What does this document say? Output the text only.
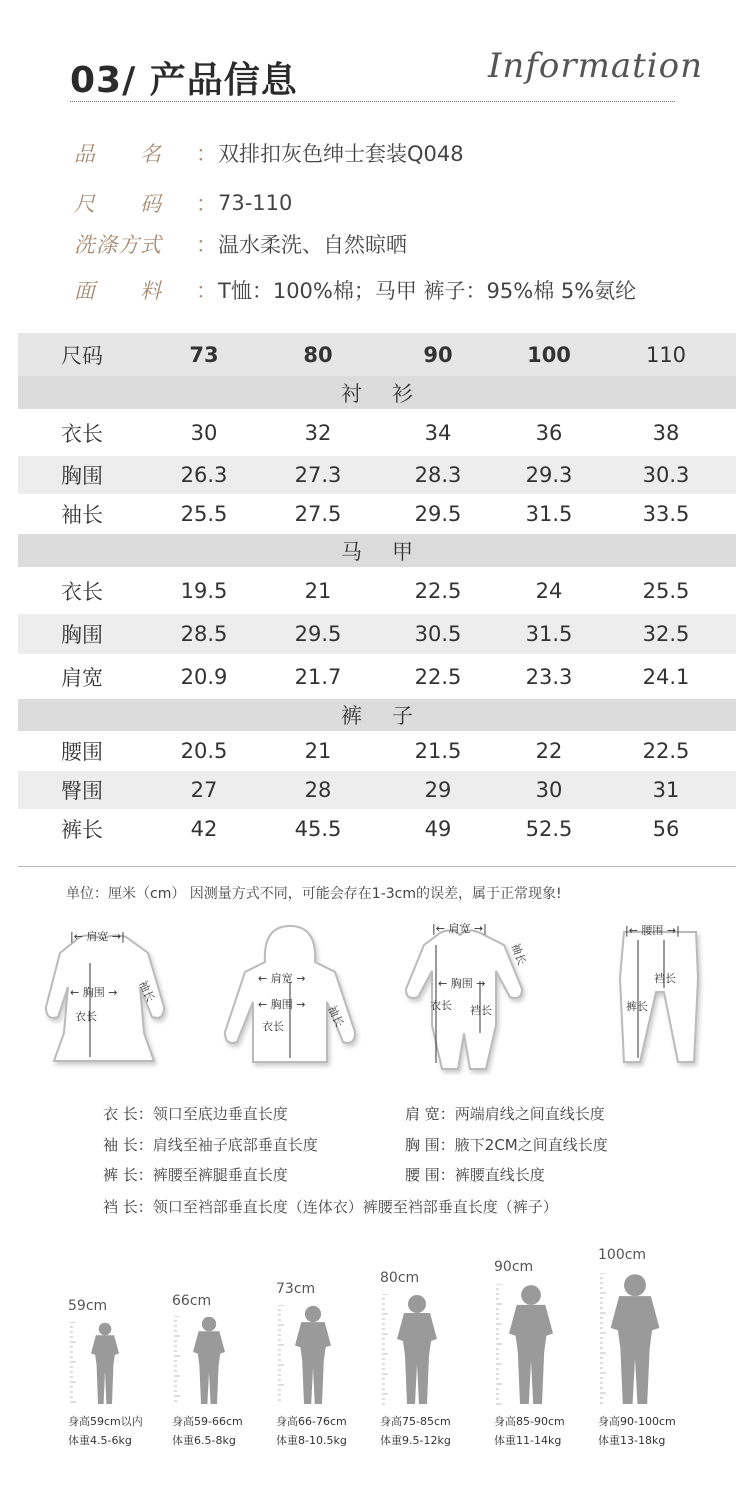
03/ 产品信息	Information
品　　名	： 双排扣灰色绅士套装Q048
尺　　码	： 73-110
洗涤方式	： 温水柔洗、自然晾晒
面　　料	： T恤：100%棉；马甲 裤子：95%棉 5%氨纶
尺码	73	80	90	100	110
衬衫
衣长	30	32	34	36	38
胸围	26.3	27.3	28.3	29.3	30.3
袖长	25.5	27.5	29.5	31.5	33.5
马甲
衣长	19.5	21	22.5	24	25.5
胸围	28.5	29.5	30.5	31.5	32.5
肩宽	20.9	21.7	22.5	23.3	24.1
裤子
腰围	20.5	21	21.5	22	22.5
臀围	27	28	29	30	31
裤长	42	45.5	49	52.5	56
单位：厘米（cm） 因测量方式不同，可能会存在1-3cm的误差，属于正常现象!
|← 肩宽 →|
← 胸围 →
衣长
袖长	← 肩宽 →
← 胸围 →
衣长	袖长
|← 肩宽 →|
← 胸围 →
衣长 裆长
袖长
|← 腰围 →|
裆长
裤长
衣 长：领口至底边垂直长度	肩 宽：两端肩线之间直线长度
袖 长：肩线至袖子底部垂直长度	胸 围：腋下2CM之间直线长度
裤 长：裤腰至裤腿垂直长度	腰 围：裤腰直线长度
裆 长：领口至裆部垂直长度（连体衣）裤腰至裆部垂直长度（裤子）
59cm
身高59cm以内
体重4.5-6kg
66cm
身高59-66cm
体重6.5-8kg
73cm
身高66-76cm
体重8-10.5kg
80cm
身高75-85cm
体重9.5-12kg
90cm
身高85-90cm
体重11-14kg
100cm
身高90-100cm
体重13-18kg
